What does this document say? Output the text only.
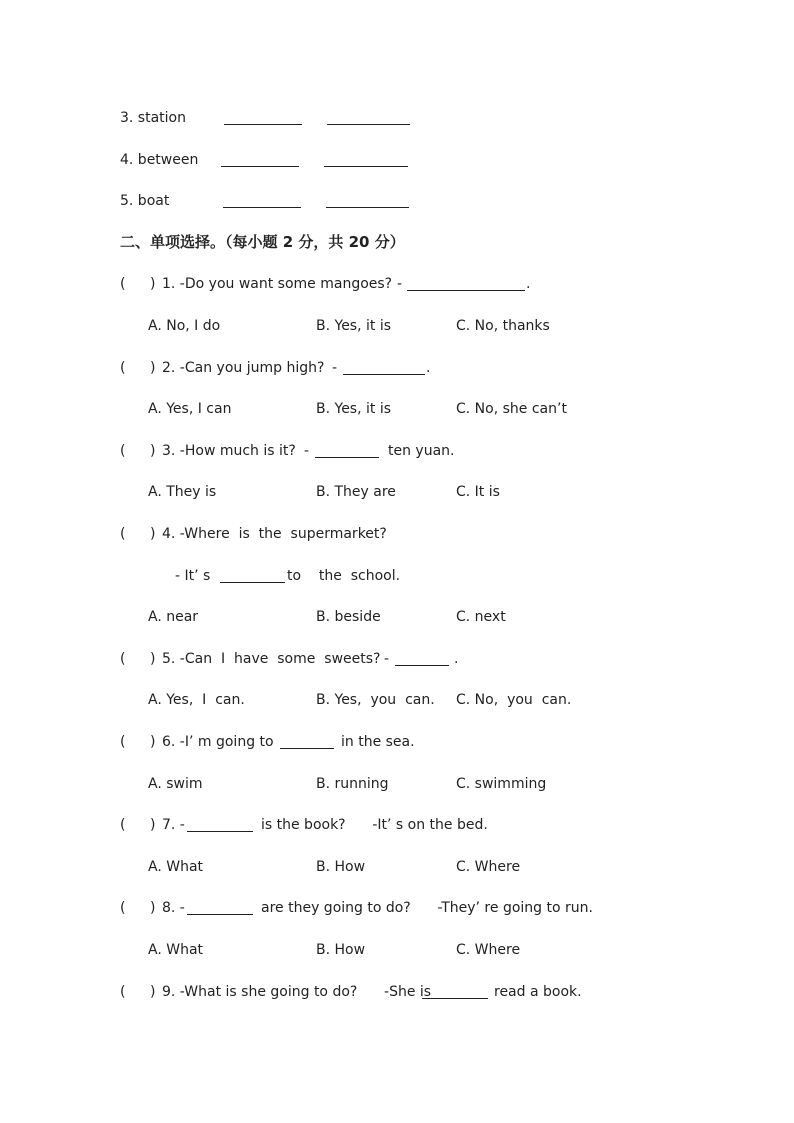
3. station
4. between
5. boat
二、单项选择。（每小题 2 分，共 20 分）
( ) 1. -Do you want some mangoes? -	.
A. No, I do	B. Yes, it is	C. No, thanks
( ) 2. -Can you jump high? -	.
A. Yes, I can	B. Yes, it is	C. No, she can’t
( ) 3. -How much is it? -	ten yuan.
A. They is	B. They are	C. It is
( ) 4. -Where  is  the  supermarket?
- It’ s	to    the  school.
A. near	B. beside	C. next
( ) 5. -Can  I  have  some  sweets? -	.
A. Yes,  I  can.	B. Yes,  you  can. C. No,  you  can.
( ) 6. -I’ m going to	in the sea.
A. swim	B. running	C. swimming
( ) 7. -	is the book?      -It’ s on the bed.
A. What	B. How	C. Where
( ) 8. -	are they going to do?      -They’ re going to run.
A. What	B. How	C. Where
( ) 9. -What is she going to do?      -She is	read a book.
